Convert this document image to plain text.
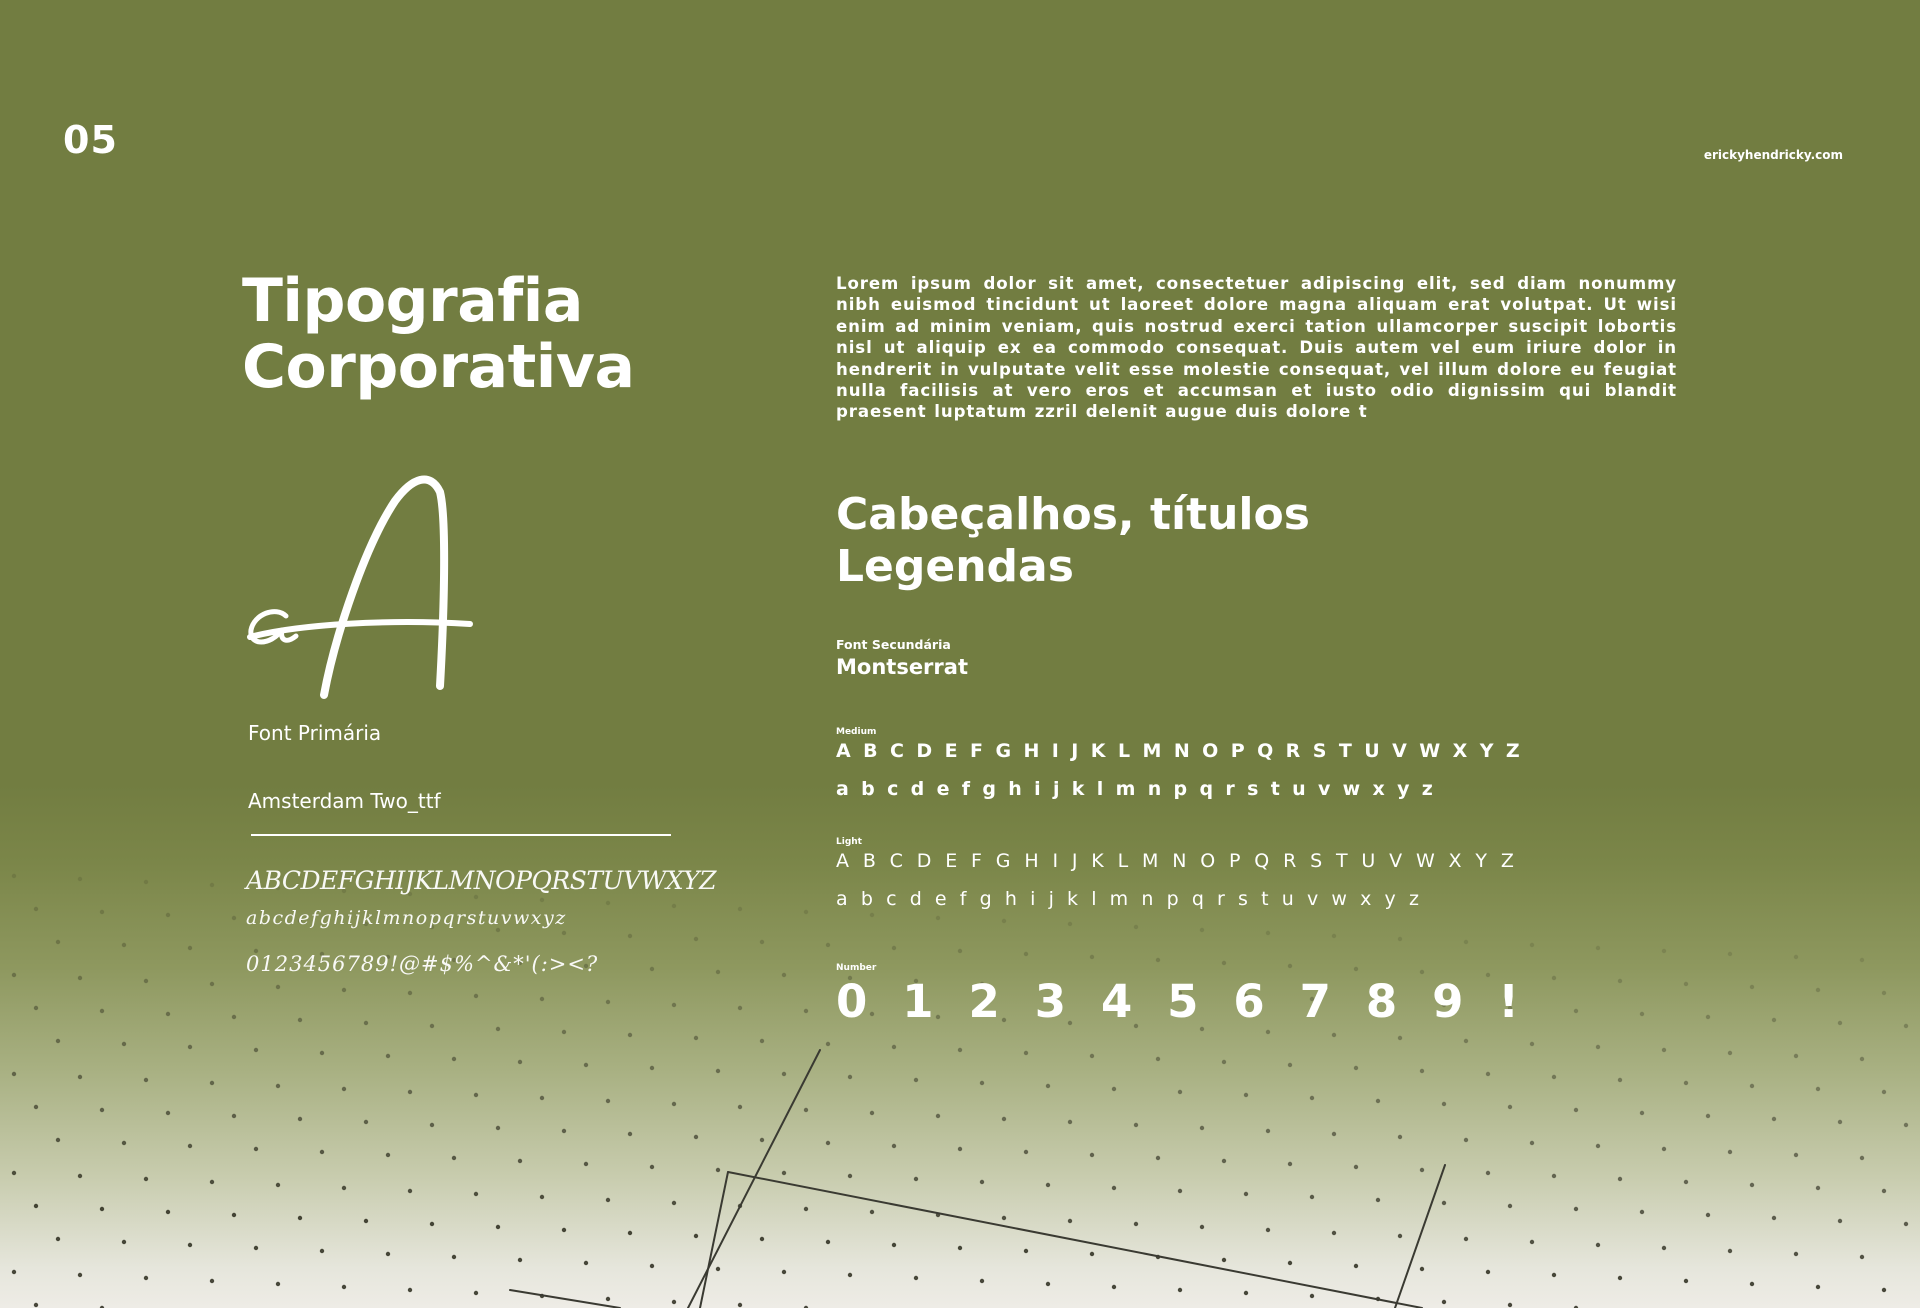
05	erickyhendricky.com
Tipografia
Corporativa
Lorem ipsum dolor sit amet, consectetuer adipiscing elit, sed diam nonummy nibh euismod tincidunt ut laoreet dolore magna aliquam erat volutpat. Ut wisi enim ad minim veniam, quis nostrud exerci tation ullamcorper suscipit lobortis nisl ut aliquip ex ea commodo consequat. Duis autem vel eum iriure dolor in hendrerit in vulputate velit esse molestie consequat, vel illum dolore eu feugiat nulla facilisis at vero eros et accumsan et iusto odio dignissim qui blandit praesent luptatum zzril delenit augue duis dolore t
Font Primária
Amsterdam Two_ttf
ABCDEFGHIJKLMNOPQRSTUVWXYZ
abcdefghijklmnopqrstuvwxyz
0123456789!@#$%^&*'(:><?
Cabeçalhos, títulos
Legendas
Font Secundária
Montserrat
Medium
A B C D E F G H I J K L M N O P Q R S T U V W X Y Z
a b c d e f g h i j k l m n p q r s t u v w x y z
Light
A B C D E F G H I J K L M N O P Q R S T U V W X Y Z
a b c d e f g h i j k l m n p q r s t u v w x y z
Number
0 1 2 3 4 5 6 7 8 9 !
